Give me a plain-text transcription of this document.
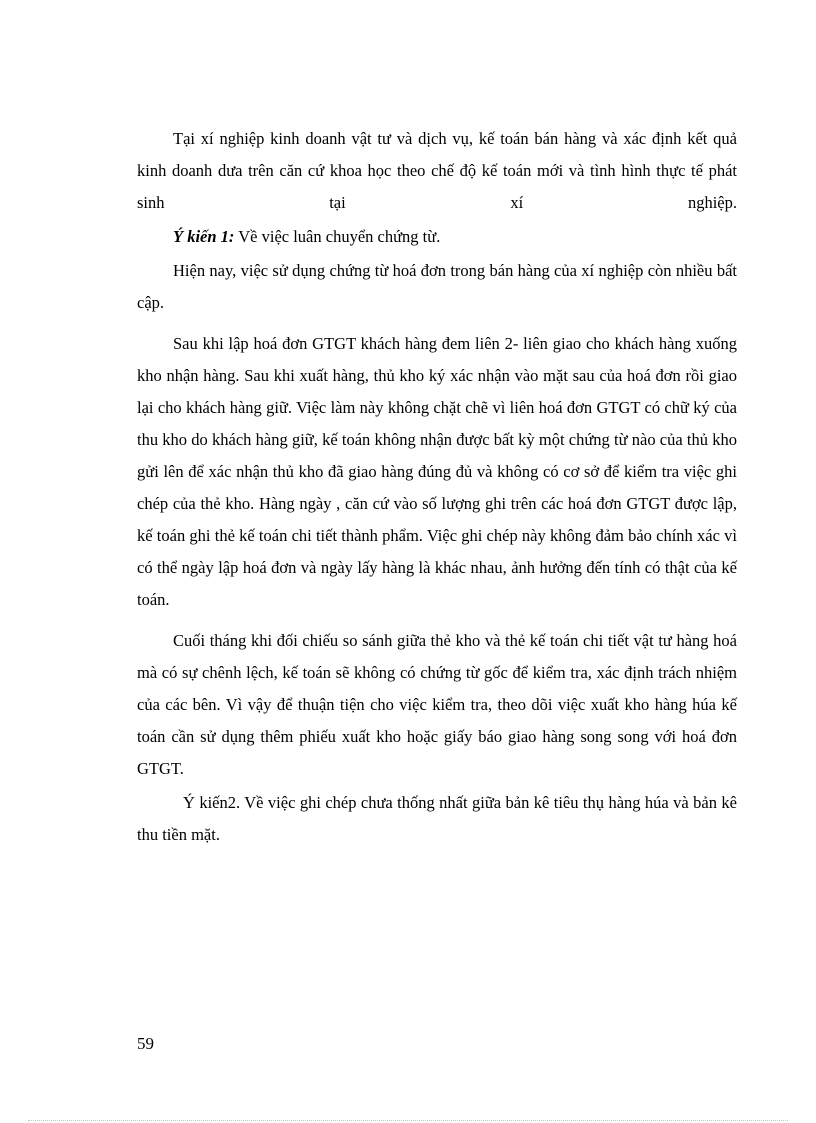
Tại xí nghiệp kinh doanh vật tư và dịch vụ, kế toán bán hàng và xác định kết quả kinh doanh dưa trên căn cứ khoa học theo chế độ kế toán mới và tình hình thực tế phát sinh tại xí nghiệp.

Ý kiến 1: Về việc luân chuyển chứng từ.

Hiện nay, việc sử dụng chứng từ hoá đơn trong bán hàng của xí nghiệp còn nhiều bất cập.

Sau khi lập hoá đơn GTGT khách hàng đem liên 2- liên giao cho khách hàng xuống kho nhận hàng. Sau khi xuất hàng, thủ kho ký xác nhận vào mặt sau của hoá đơn rồi giao lại cho khách hàng giữ. Việc làm này không chặt chẽ vì liên hoá đơn GTGT có chữ ký của thu kho do khách hàng giữ, kế toán không nhận được bất kỳ một chứng từ nào của thủ kho gửi lên để xác nhận thủ kho đã giao hàng đúng đủ và không có cơ sở để kiểm tra việc ghi chép của thẻ kho. Hàng ngày , căn cứ vào số lượng ghi trên các hoá đơn GTGT được lập, kế toán ghi thẻ kế toán chi tiết thành phẩm. Việc ghi chép này không đảm bảo chính xác vì có thể ngày lập hoá đơn và ngày lấy hàng là khác nhau, ảnh hưởng đến tính có thật của kế toán.

Cuối tháng khi đối chiếu so sánh giữa thẻ kho và thẻ kế toán chi tiết vật tư hàng hoá mà có sự chênh lệch, kế toán sẽ không có chứng từ gốc để kiểm tra, xác định trách nhiệm của các bên. Vì vậy để thuận tiện cho việc kiểm tra, theo dõi việc xuất kho hàng húa kế toán cần sử dụng thêm phiếu xuất kho hoặc giấy báo giao hàng song song với hoá đơn GTGT.

Ý kiến2. Về việc ghi chép chưa thống nhất giữa bản kê tiêu thụ hàng húa và bản kê thu tiền mặt.

59
